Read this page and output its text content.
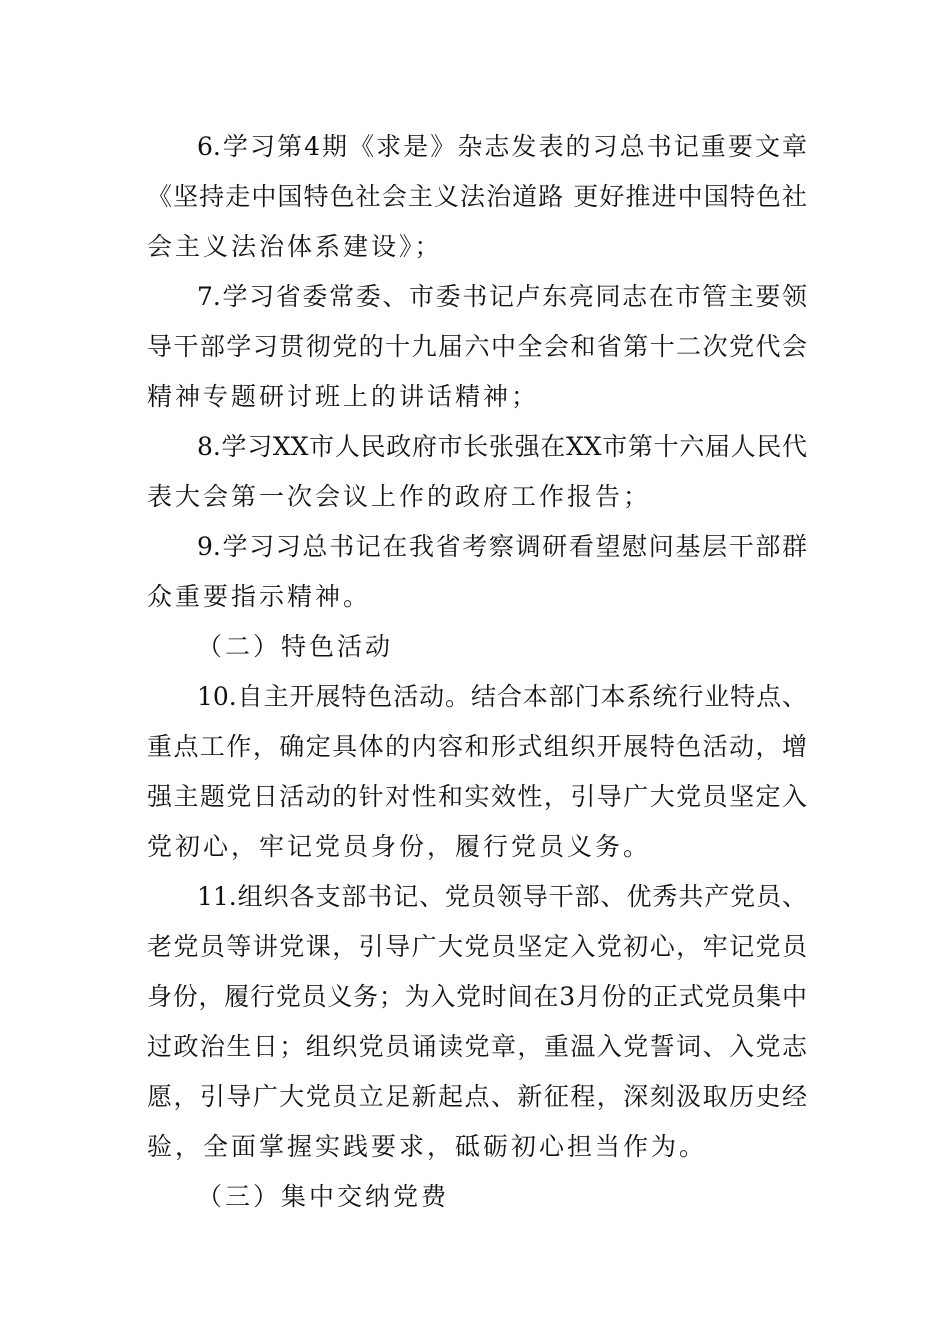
6.学习第4期《求是》杂志发表的习总书记重要文章
《坚持走中国特色社会主义法治道路 更好推进中国特色社
会主义法治体系建设》；
7.学习省委常委、市委书记卢东亮同志在市管主要领
导干部学习贯彻党的十九届六中全会和省第十二次党代会
精神专题研讨班上的讲话精神；
8.学习XX市人民政府市长张强在XX市第十六届人民代
表大会第一次会议上作的政府工作报告；
9.学习习总书记在我省考察调研看望慰问基层干部群
众重要指示精神。
（二）特色活动
10.自主开展特色活动。结合本部门本系统行业特点、
重点工作，确定具体的内容和形式组织开展特色活动，增
强主题党日活动的针对性和实效性，引导广大党员坚定入
党初心，牢记党员身份，履行党员义务。
11.组织各支部书记、党员领导干部、优秀共产党员、
老党员等讲党课，引导广大党员坚定入党初心，牢记党员
身份，履行党员义务；为入党时间在3月份的正式党员集中
过政治生日；组织党员诵读党章，重温入党誓词、入党志
愿，引导广大党员立足新起点、新征程，深刻汲取历史经
验，全面掌握实践要求，砥砺初心担当作为。
（三）集中交纳党费
